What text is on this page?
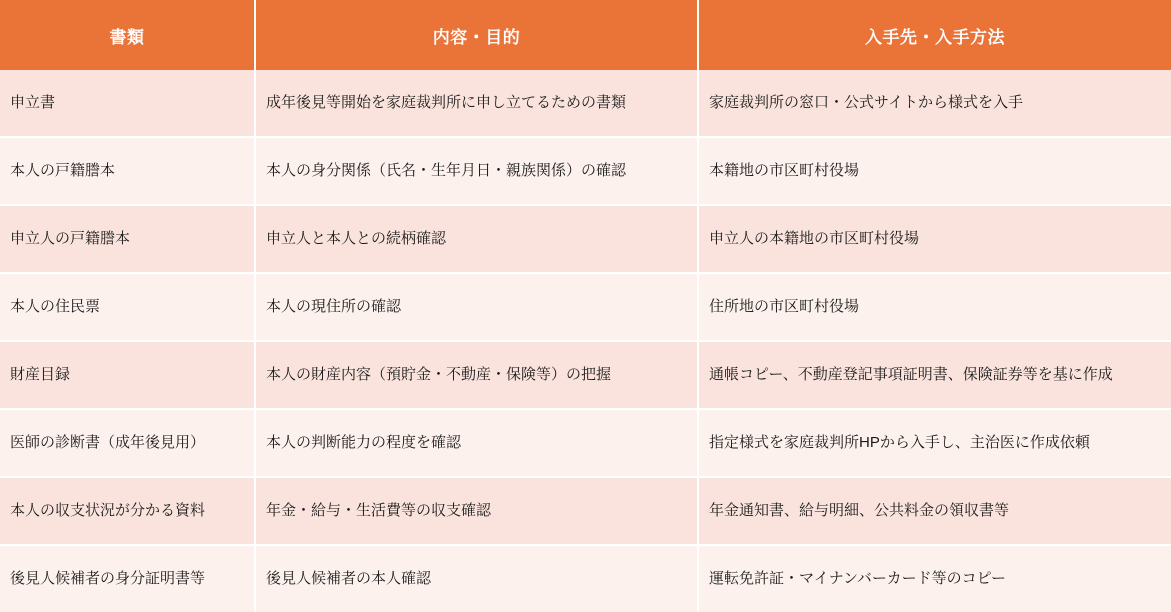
書類	内容・目的	入手先・入手方法
申立書	成年後見等開始を家庭裁判所に申し立てるための書類	家庭裁判所の窓口・公式サイトから様式を入手
本人の戸籍謄本	本人の身分関係（氏名・生年月日・親族関係）の確認	本籍地の市区町村役場
申立人の戸籍謄本	申立人と本人との続柄確認	申立人の本籍地の市区町村役場
本人の住民票	本人の現住所の確認	住所地の市区町村役場
財産目録	本人の財産内容（預貯金・不動産・保険等）の把握	通帳コピー、不動産登記事項証明書、保険証券等を基に作成
医師の診断書（成年後見用）	本人の判断能力の程度を確認	指定様式を家庭裁判所HPから入手し、主治医に作成依頼
本人の収支状況が分かる資料	年金・給与・生活費等の収支確認	年金通知書、給与明細、公共料金の領収書等
後見人候補者の身分証明書等	後見人候補者の本人確認	運転免許証・マイナンバーカード等のコピー
